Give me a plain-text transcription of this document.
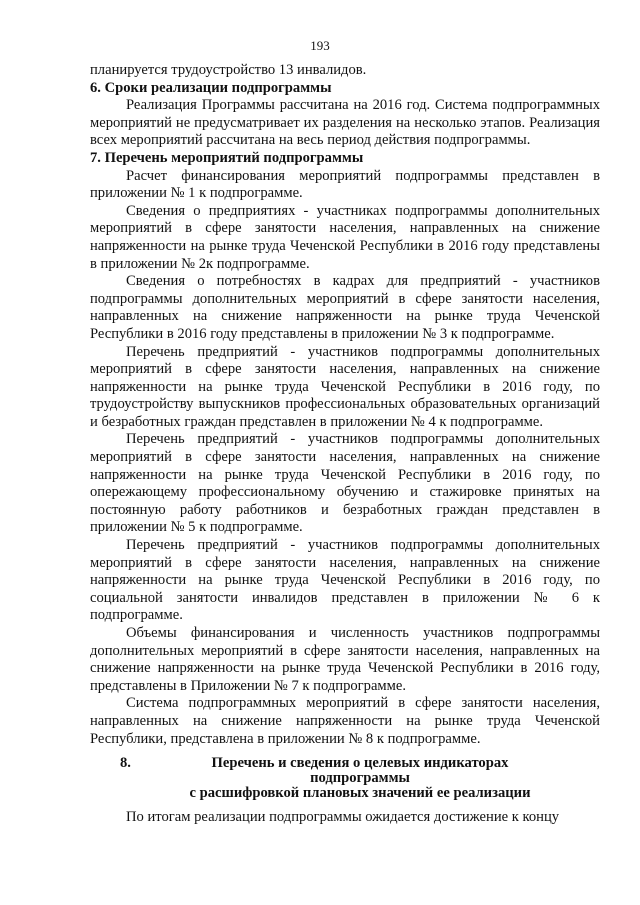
193

планируется трудоустройство 13 инвалидов.

6. Сроки реализации подпрограммы

Реализация Программы рассчитана на 2016 год. Система подпрограммных мероприятий не предусматривает их разделения на несколько этапов. Реализация всех мероприятий рассчитана на весь период действия подпрограммы.

7. Перечень мероприятий подпрограммы

Расчет финансирования мероприятий подпрограммы представлен в приложении № 1 к подпрограмме.

Сведения о предприятиях - участниках подпрограммы дополнительных мероприятий в сфере занятости населения, направленных на снижение напряженности на рынке труда Чеченской Республики в 2016 году представлены в приложении № 2к подпрограмме.

Сведения о потребностях в кадрах для предприятий - участников подпрограммы дополнительных мероприятий в сфере занятости населения, направленных на снижение напряженности на рынке труда Чеченской Республики в 2016 году представлены в приложении № 3 к подпрограмме.

Перечень предприятий - участников подпрограммы дополнительных мероприятий в сфере занятости населения, направленных на снижение напряженности на рынке труда Чеченской Республики в 2016 году, по трудоустройству выпускников профессиональных образовательных организаций и безработных граждан представлен в приложении № 4 к подпрограмме.

Перечень предприятий - участников подпрограммы дополнительных мероприятий в сфере занятости населения, направленных на снижение напряженности на рынке труда Чеченской Республики в 2016 году, по опережающему профессиональному обучению и стажировке принятых на постоянную работу работников и безработных граждан представлен в приложении № 5 к подпрограмме.

Перечень предприятий - участников подпрограммы дополнительных мероприятий в сфере занятости населения, направленных на снижение напряженности на рынке труда Чеченской Республики в 2016 году, по социальной занятости инвалидов представлен в приложении № 6 к подпрограмме.

Объемы финансирования и численность участников подпрограммы дополнительных мероприятий в сфере занятости населения, направленных на снижение напряженности на рынке труда Чеченской Республики в 2016 году, представлены в Приложении № 7 к подпрограмме.

Система подпрограммных мероприятий в сфере занятости населения, направленных на снижение напряженности на рынке труда Чеченской Республики, представлена в приложении № 8 к подпрограмме.

8.	Перечень и сведения о целевых индикаторах подпрограммы
с расшифровкой плановых значений ее реализации

По итогам реализации подпрограммы ожидается достижение к концу
